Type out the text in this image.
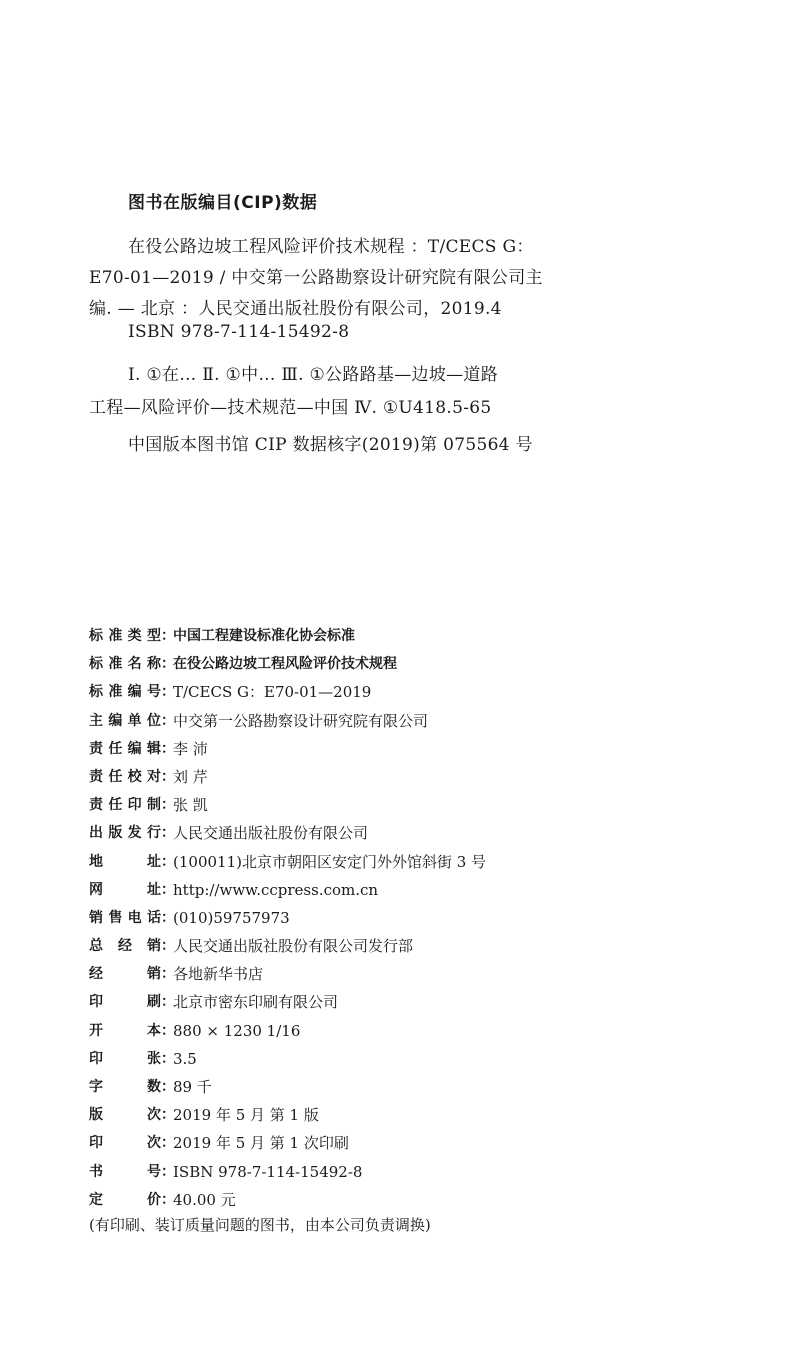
图书在版编目(CIP)数据
在役公路边坡工程风险评价技术规程 ：T/CECS G：
E70-01—2019 / 中交第一公路勘察设计研究院有限公司主
编. — 北京 ：人民交通出版社股份有限公司，2019.4
ISBN 978-7-114-15492-8
Ⅰ. ①在… Ⅱ. ①中… Ⅲ. ①公路路基—边坡—道路
工程—风险评价—技术规范—中国 Ⅳ. ①U418.5-65
中国版本图书馆 CIP 数据核字(2019)第 075564 号
标准类型 ：
中国工程建设标准化协会标准
标准名称 ：
在役公路边坡工程风险评价技术规程
标准编号 ：
T/CECS G：E70-01—2019
主编单位 ：
中交第一公路勘察设计研究院有限公司
责任编辑 ：
李 沛
责任校对 ：
刘 芹
责任印制 ：
张 凯
出版发行 ：
人民交通出版社股份有限公司
地址 ：
(100011)北京市朝阳区安定门外外馆斜街 3 号
网址 ：
http://www.ccpress.com.cn
销售电话 ：
(010)59757973
总经销 ：
人民交通出版社股份有限公司发行部
经销 ：
各地新华书店
印刷 ：
北京市密东印刷有限公司
开本 ：
880 × 1230 1/16
印张 ：
3.5
字数 ：
89 千
版次 ：
2019 年 5 月 第 1 版
印次 ：
2019 年 5 月 第 1 次印刷
书号 ：
ISBN 978-7-114-15492-8
定价 ：
40.00 元
(有印刷、装订质量问题的图书，由本公司负责调换)
